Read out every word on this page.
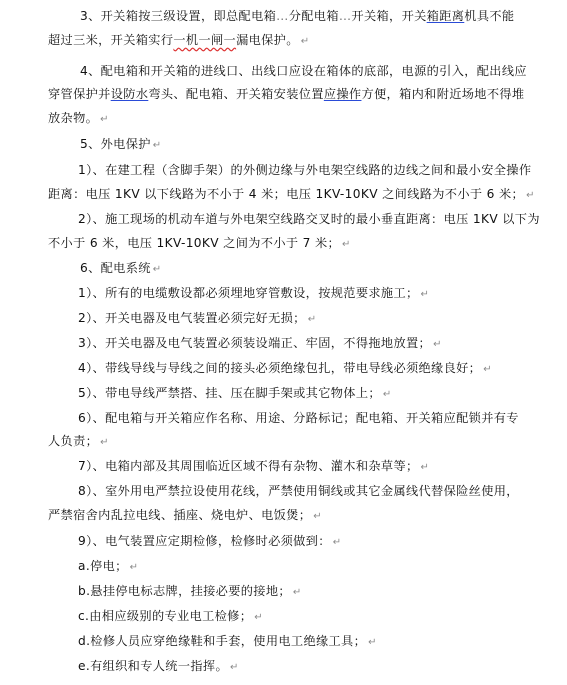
3、开关箱按三级设置，即总配电箱…分配电箱…开关箱，开关箱距离机具不能
超过三米，开关箱实行一机一闸一漏电保护。 ↵
4、配电箱和开关箱的进线口、出线口应设在箱体的底部，电源的引入，配出线应
穿管保护并设防水弯头、配电箱、开关箱安装位置应操作方便，箱内和附近场地不得堆
放杂物。 ↵
5、外电保护 ↵
1）、在建工程（含脚手架）的外侧边缘与外电架空线路的边线之间和最小安全操作
距离：电压 1KV 以下线路为不小于 4 米；电压 1KV-10KV 之间线路为不小于 6 米； ↵
2）、施工现场的机动车道与外电架空线路交叉时的最小垂直距离：电压 1KV 以下为
不小于 6 米，电压 1KV-10KV 之间为不小于 7 米； ↵
6、配电系统 ↵
1）、所有的电缆敷设都必须埋地穿管敷设，按规范要求施工； ↵
2）、开关电器及电气装置必须完好无损； ↵
3）、开关电器及电气装置必须装设端正、牢固，不得拖地放置； ↵
4）、带线导线与导线之间的接头必须绝缘包扎，带电导线必须绝缘良好； ↵
5）、带电导线严禁搭、挂、压在脚手架或其它物体上； ↵
6）、配电箱与开关箱应作名称、用途、分路标记；配电箱、开关箱应配锁并有专
人负责； ↵
7）、电箱内部及其周围临近区域不得有杂物、灌木和杂草等； ↵
8）、室外用电严禁拉设使用花线，严禁使用铜线或其它金属线代替保险丝使用，
严禁宿舍内乱拉电线、插座、烧电炉、电饭煲； ↵
9）、电气装置应定期检修，检修时必须做到： ↵
a.停电； ↵
b.悬挂停电标志牌，挂接必要的接地； ↵
c.由相应级别的专业电工检修； ↵
d.检修人员应穿绝缘鞋和手套，使用电工绝缘工具； ↵
e.有组织和专人统一指挥。 ↵
